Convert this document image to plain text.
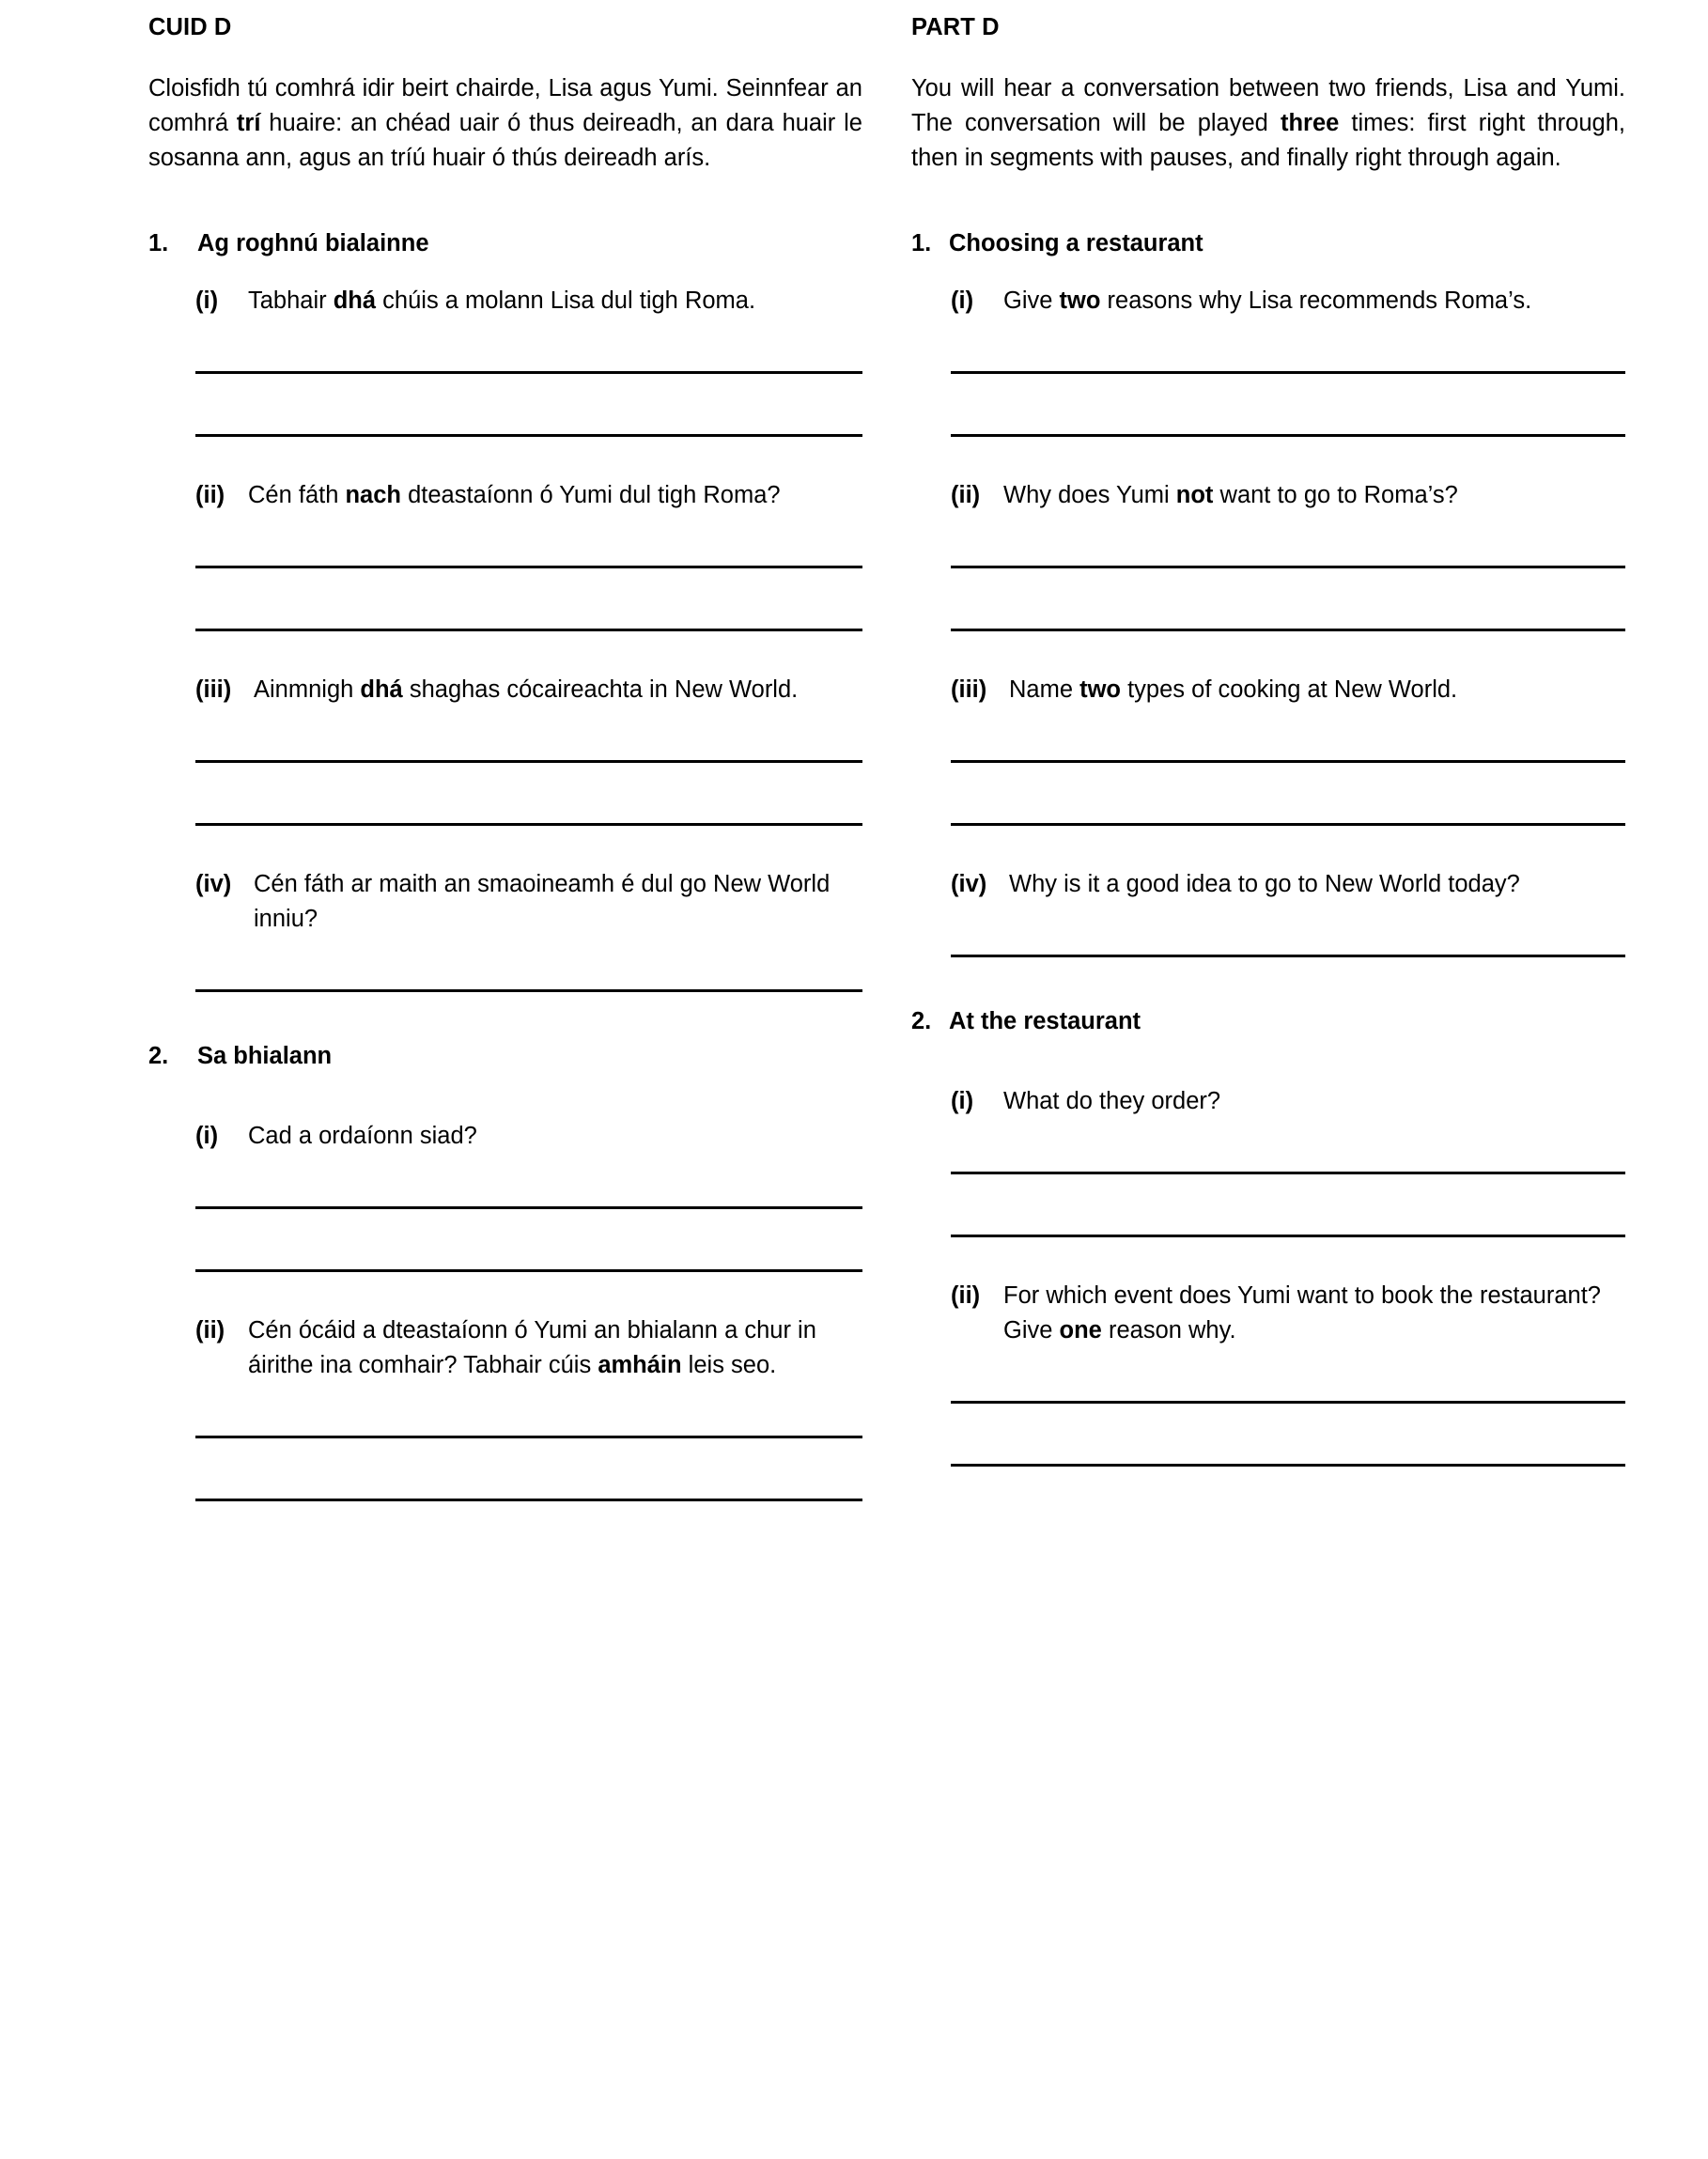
CUID D

Cloisfidh tú comhrá idir beirt chairde, Lisa agus Yumi. Seinnfear an comhrá trí huaire: an chéad uair ó thus deireadh, an dara huair le sosanna ann, agus an tríú huair ó thús deireadh arís.

1.	Ag roghnú bialainne
(i)	Tabhair dhá chúis a molann Lisa dul tigh Roma.
(ii) Cén fáth nach dteastaíonn ó Yumi dul tigh Roma?
(iii) Ainmnigh dhá shaghas cócaireachta in New World.
(iv) Cén fáth ar maith an smaoineamh é dul go New World inniu?
2.	Sa bhialann
(i)	Cad a ordaíonn siad?
(ii) Cén ócáid a dteastaíonn ó Yumi an bhialann a chur in áirithe ina comhair? Tabhair cúis amháin leis seo.
PART D

You will hear a conversation between two friends, Lisa and Yumi. The conversation will be played three times: first right through, then in segments with pauses, and finally right through again.

1. Choosing a restaurant
(i)	Give two reasons why Lisa recommends Roma’s.
(ii) Why does Yumi not want to go to Roma’s?
(iii) Name two types of cooking at New World.
(iv) Why is it a good idea to go to New World today?
2. At the restaurant
(i)	What do they order?
(ii) For which event does Yumi want to book the restaurant? Give one reason why.
